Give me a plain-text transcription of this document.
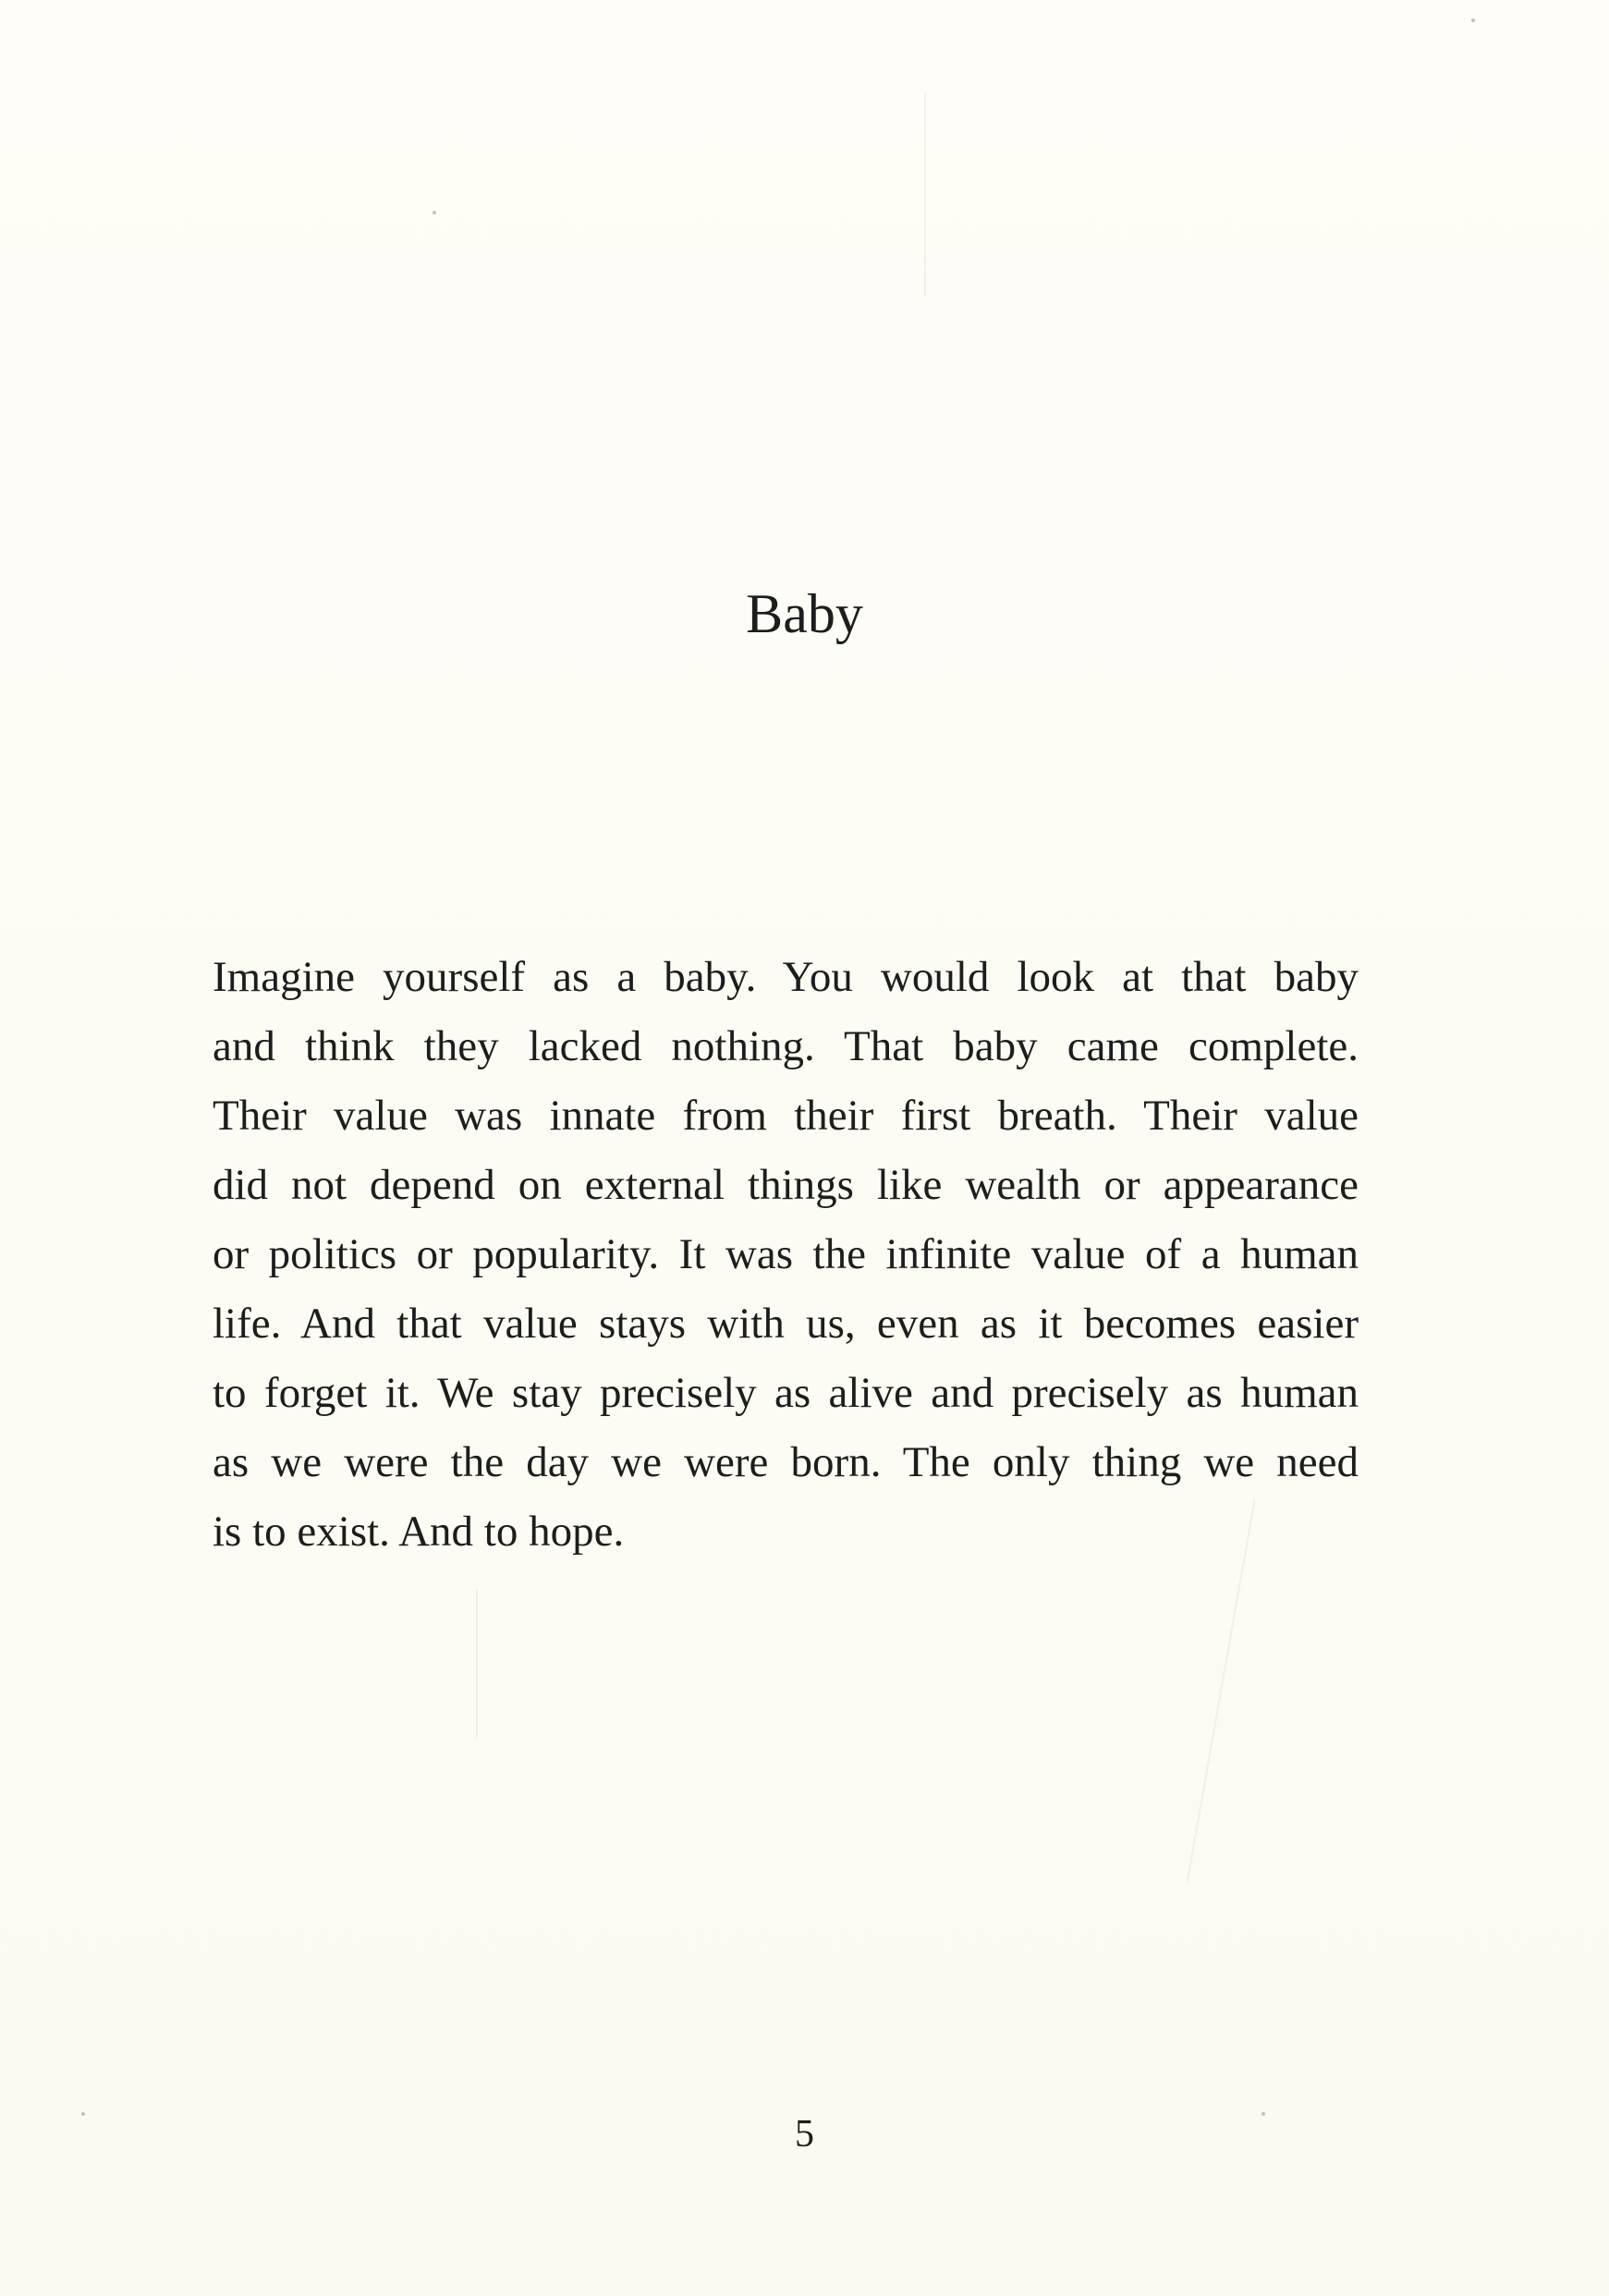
Baby
Imagine yourself as a baby. You would look at that baby
and think they lacked nothing. That baby came complete.
Their value was innate from their first breath. Their value
did not depend on external things like wealth or appearance
or politics or popularity. It was the infinite value of a human
life. And that value stays with us, even as it becomes easier
to forget it. We stay precisely as alive and precisely as human
as we were the day we were born. The only thing we need
is to exist. And to hope.
5
